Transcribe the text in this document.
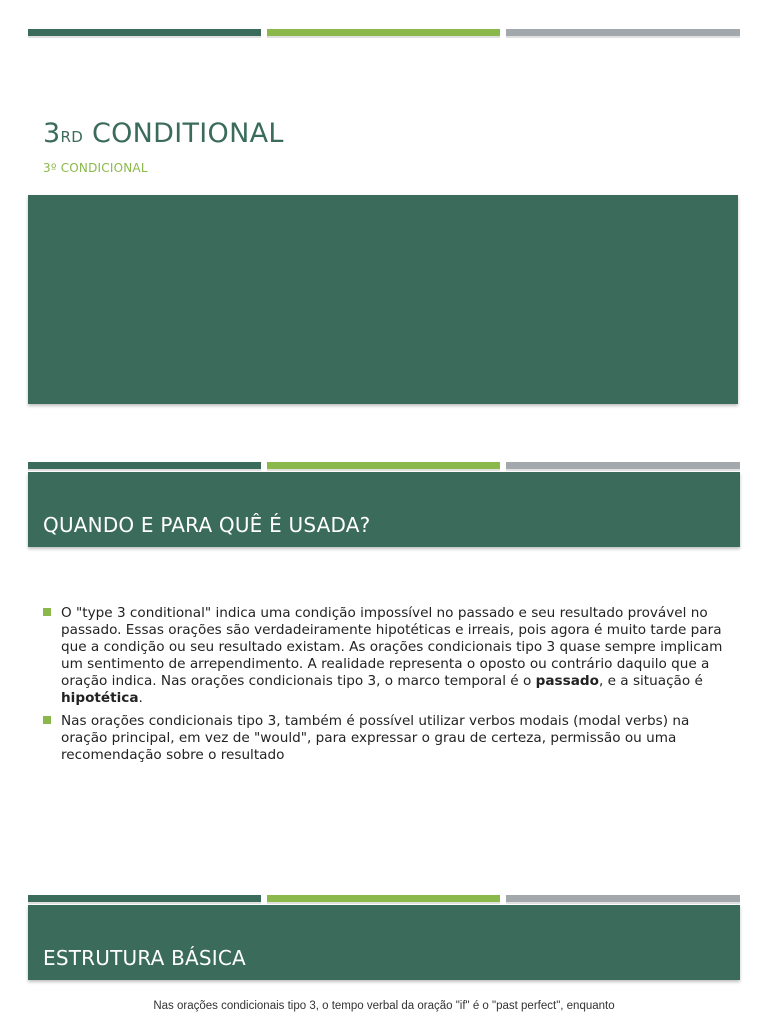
3RD CONDITIONAL
3º CONDICIONAL
QUANDO E PARA QUÊ É USADA?
O "type 3 conditional" indica uma condição impossível no passado e seu resultado provável no passado. Essas orações são verdadeiramente hipotéticas e irreais, pois agora é muito tarde para que a condição ou seu resultado existam. As orações condicionais tipo 3 quase sempre implicam um sentimento de arrependimento. A realidade representa o oposto ou contrário daquilo que a oração indica. Nas orações condicionais tipo 3, o marco temporal é o passado, e a situação é hipotética.
Nas orações condicionais tipo 3, também é possível utilizar verbos modais (modal verbs) na oração principal, em vez de "would", para expressar o grau de certeza, permissão ou uma recomendação sobre o resultado
ESTRUTURA BÁSICA
Nas orações condicionais tipo 3, o tempo verbal da oração "if" é o "past perfect", enquanto
